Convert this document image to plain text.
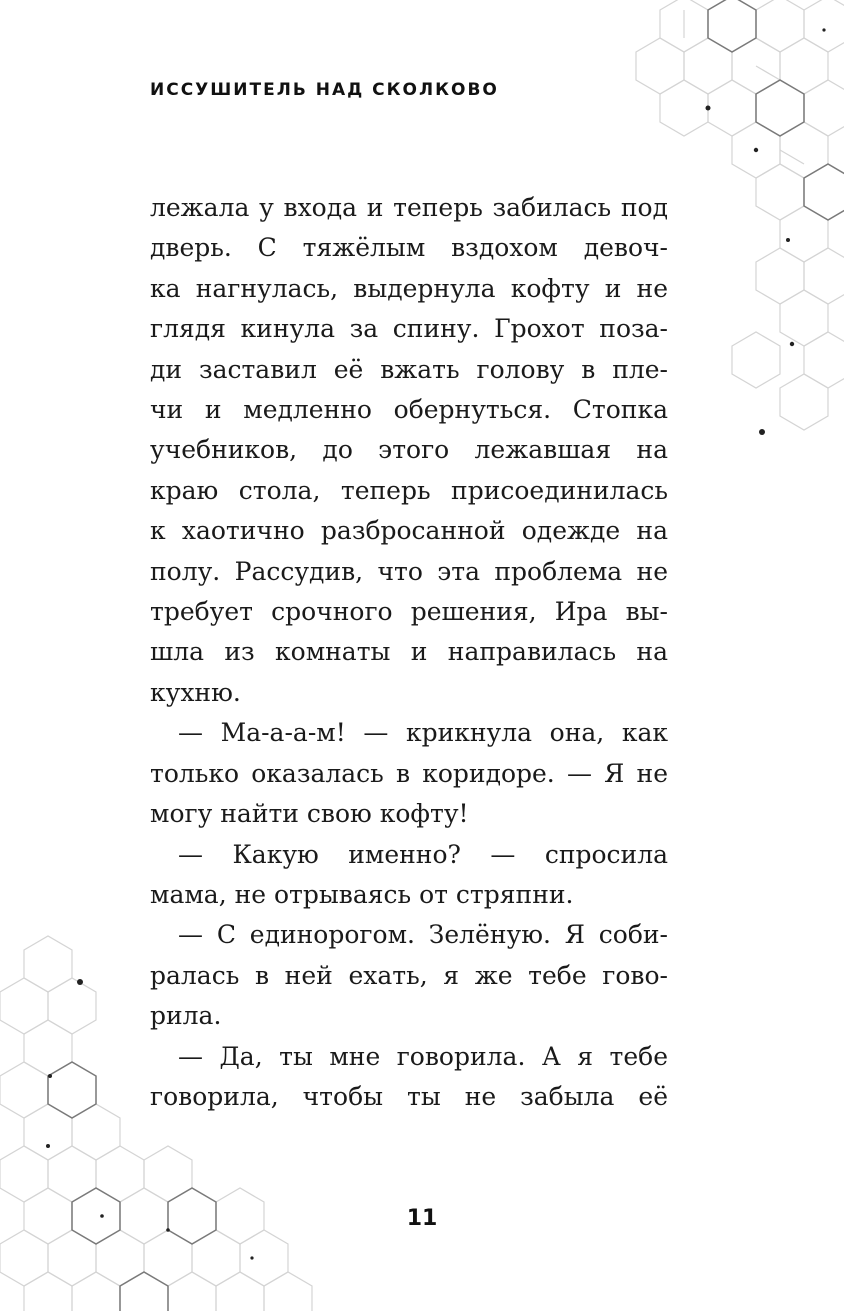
ИССУШИТЕЛЬ НАД СКОЛКОВО

лежала у входа и теперь забилась под

дверь. С тяжёлым вздохом девоч-

ка нагнулась, выдернула кофту и не

глядя кинула за спину. Грохот поза-

ди заставил её вжать голову в пле-

чи и медленно обернуться. Стопка

учебников, до этого лежавшая на

краю стола, теперь присоединилась

к хаотично разбросанной одежде на

полу. Рассудив, что эта проблема не

требует срочного решения, Ира вы-

шла из комнаты и направилась на

кухню.

— Ма-а-а-м! — крикнула она, как

только оказалась в коридоре. — Я не

могу найти свою кофту!

— Какую именно? — спросила

мама, не отрываясь от стряпни.

— С единорогом. Зелёную. Я соби-

ралась в ней ехать, я же тебе гово-

рила.

— Да, ты мне говорила. А я тебе

говорила, чтобы ты не забыла её

11
